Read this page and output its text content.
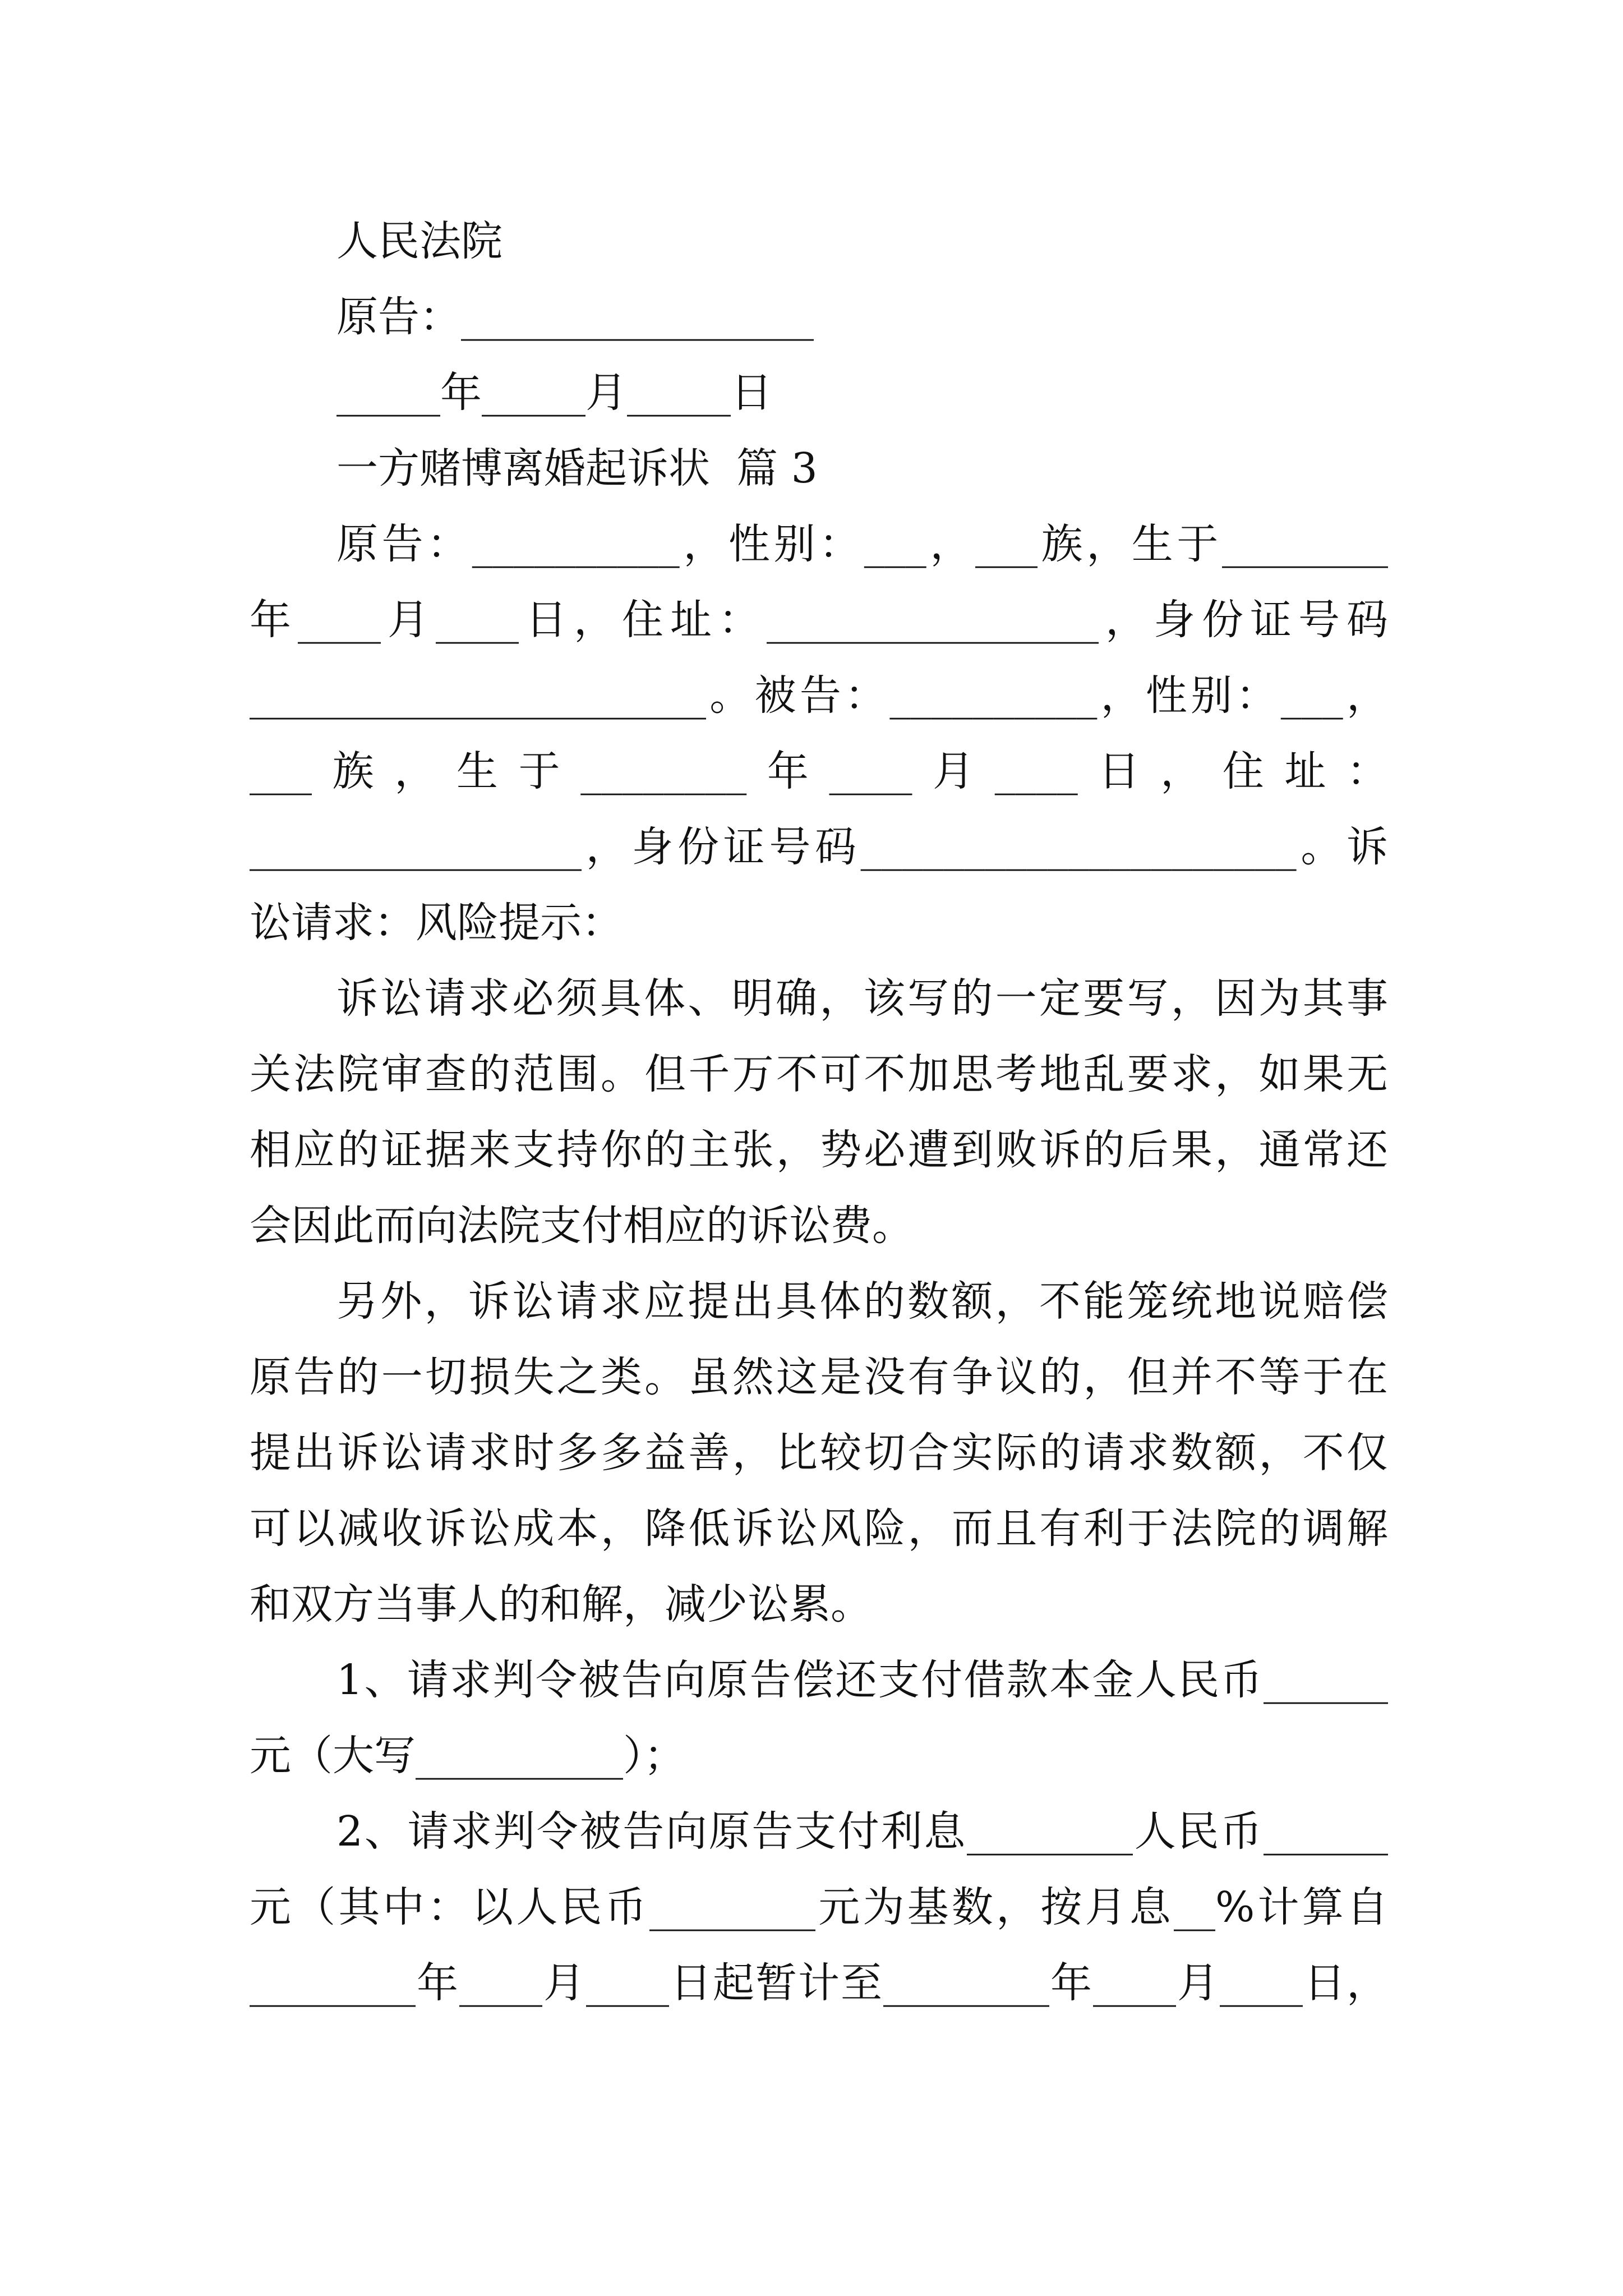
人民法院
原告：_________________
_____年_____月_____日
一方赌博离婚起诉状  篇 3
原告：__________，性别：___，___族，生于________
年____月____日，住址：________________，身份证号码
______________________。被告：__________，性别：___，
___族，生于________年____月____日，住址：
________________，身份证号码_____________________。诉
讼请求：风险提示：
诉讼请求必须具体、明确，该写的一定要写，因为其事
关法院审查的范围。但千万不可不加思考地乱要求，如果无
相应的证据来支持你的主张，势必遭到败诉的后果，通常还
会因此而向法院支付相应的诉讼费。
另外，诉讼请求应提出具体的数额，不能笼统地说赔偿
原告的一切损失之类。虽然这是没有争议的，但并不等于在
提出诉讼请求时多多益善，比较切合实际的请求数额，不仅
可以减收诉讼成本，降低诉讼风险，而且有利于法院的调解
和双方当事人的和解，减少讼累。
1、请求判令被告向原告偿还支付借款本金人民币______
元（大写__________）；
2、请求判令被告向原告支付利息________人民币______
元（其中：以人民币________元为基数，按月息__%计算自
________年____月____日起暂计至________年____月____日，
